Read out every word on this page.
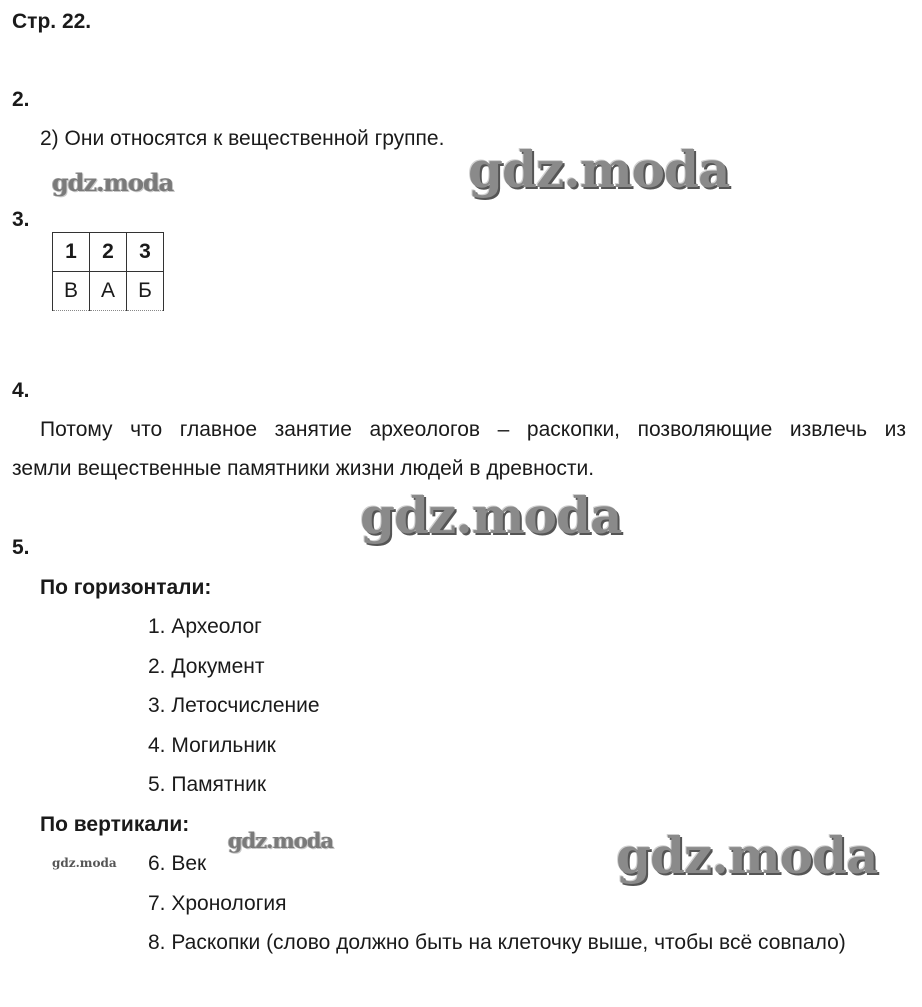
Стр. 22.
2.
2) Они относятся к вещественной группе.
3.
1	2	3
В	А	Б
4.
Потому что главное занятие археологов – раскопки, позволяющие извлечь из
земли вещественные памятники жизни людей в древности.
5.
По горизонтали:
1. Археолог
2. Документ
3. Летосчисление
4. Могильник
5. Памятник
По вертикали:
6. Век
7. Хронология
8. Раскопки (слово должно быть на клеточку выше, чтобы всё совпало)
gdz.moda
gdz.moda
gdz.moda
gdz.moda
gdz.moda	gdz.moda
